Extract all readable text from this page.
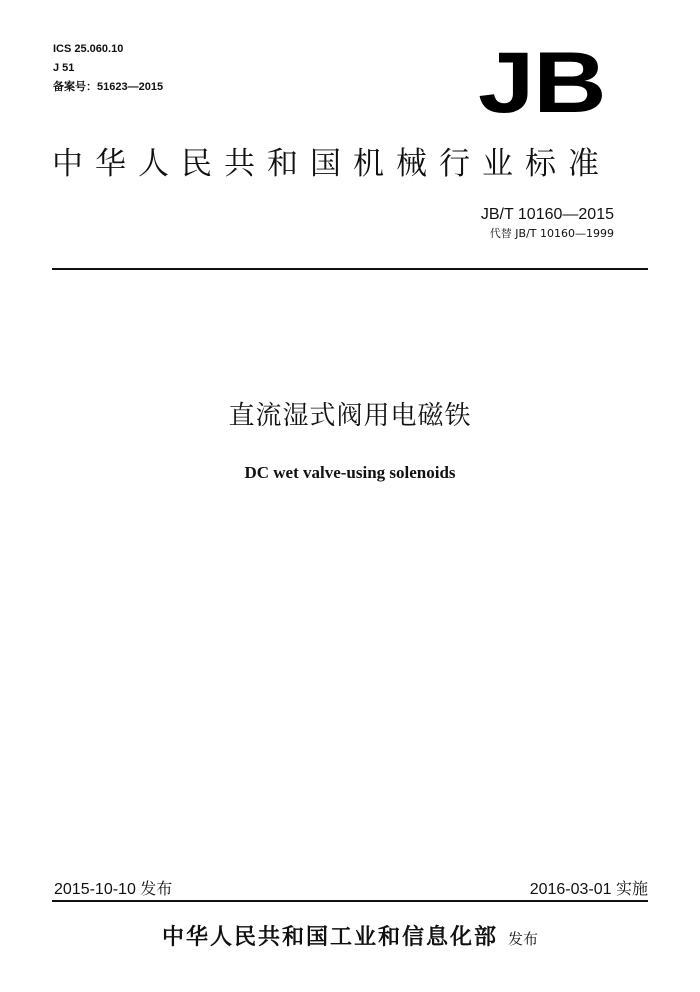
ICS 25.060.10
J 51
备案号：51623—2015	JB
中华人民共和国机械行业标准
JB/T 10160—2015
代替 JB/T 10160—1999
直流湿式阀用电磁铁
DC wet valve-using solenoids
2015-10-10 发布	2016-03-01 实施
中华人民共和国工业和信息化部 发布
